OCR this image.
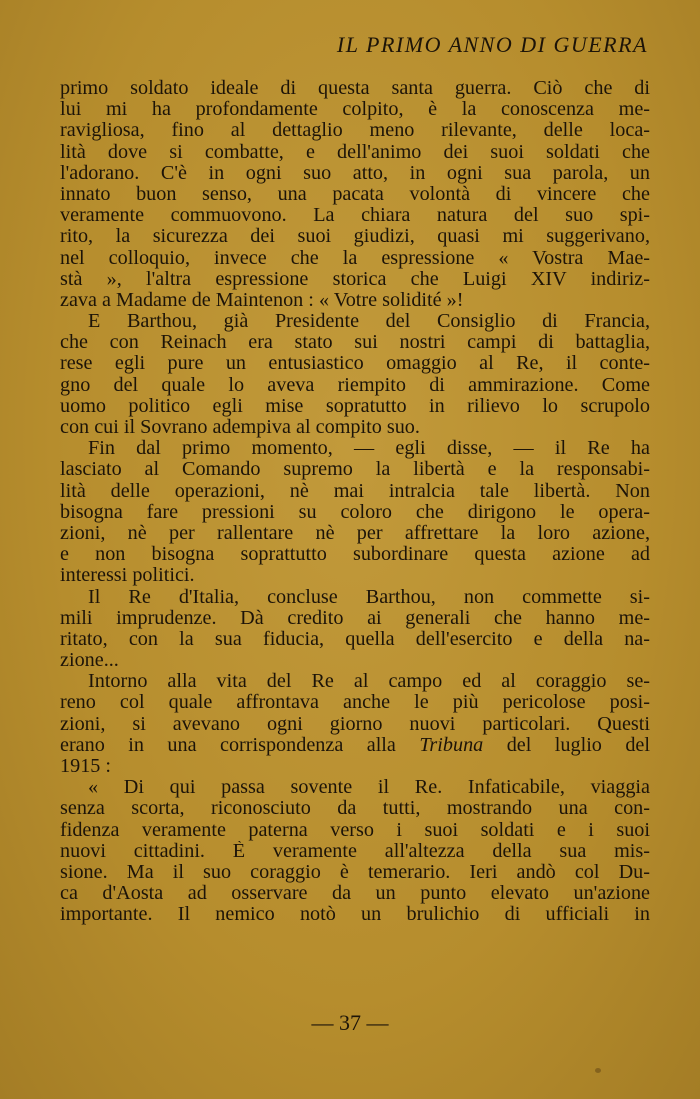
IL PRIMO ANNO DI GUERRA
primo soldato ideale di questa santa guerra. Ciò che di
lui mi ha profondamente colpito, è la conoscenza me-
ravigliosa, fino al dettaglio meno rilevante, delle loca-
lità dove si combatte, e dell'animo dei suoi soldati che
l'adorano. C'è in ogni suo atto, in ogni sua parola, un
innato buon senso, una pacata volontà di vincere che
veramente commuovono. La chiara natura del suo spi-
rito, la sicurezza dei suoi giudizi, quasi mi suggerivano,
nel colloquio, invece che la espressione « Vostra Mae-
stà », l'altra espressione storica che Luigi XIV indiriz-
zava a Madame de Maintenon : « Votre solidité »!
E Barthou, già Presidente del Consiglio di Francia,
che con Reinach era stato sui nostri campi di battaglia,
rese egli pure un entusiastico omaggio al Re, il conte-
gno del quale lo aveva riempito di ammirazione. Come
uomo politico egli mise sopratutto in rilievo lo scrupolo
con cui il Sovrano adempiva al compito suo.
Fin dal primo momento, — egli disse, — il Re ha
lasciato al Comando supremo la libertà e la responsabi-
lità delle operazioni, nè mai intralcia tale libertà. Non
bisogna fare pressioni su coloro che dirigono le opera-
zioni, nè per rallentare nè per affrettare la loro azione,
e non bisogna soprattutto subordinare questa azione ad
interessi politici.
Il Re d'Italia, concluse Barthou, non commette si-
mili imprudenze. Dà credito ai generali che hanno me-
ritato, con la sua fiducia, quella dell'esercito e della na-
zione...
Intorno alla vita del Re al campo ed al coraggio se-
reno col quale affrontava anche le più pericolose posi-
zioni, si avevano ogni giorno nuovi particolari. Questi
erano in una corrispondenza alla Tribuna del luglio del
1915 :
« Di qui passa sovente il Re. Infaticabile, viaggia
senza scorta, riconosciuto da tutti, mostrando una con-
fidenza veramente paterna verso i suoi soldati e i suoi
nuovi cittadini. È veramente all'altezza della sua mis-
sione. Ma il suo coraggio è temerario. Ieri andò col Du-
ca d'Aosta ad osservare da un punto elevato un'azione
importante. Il nemico notò un brulichio di ufficiali in
— 37 —
